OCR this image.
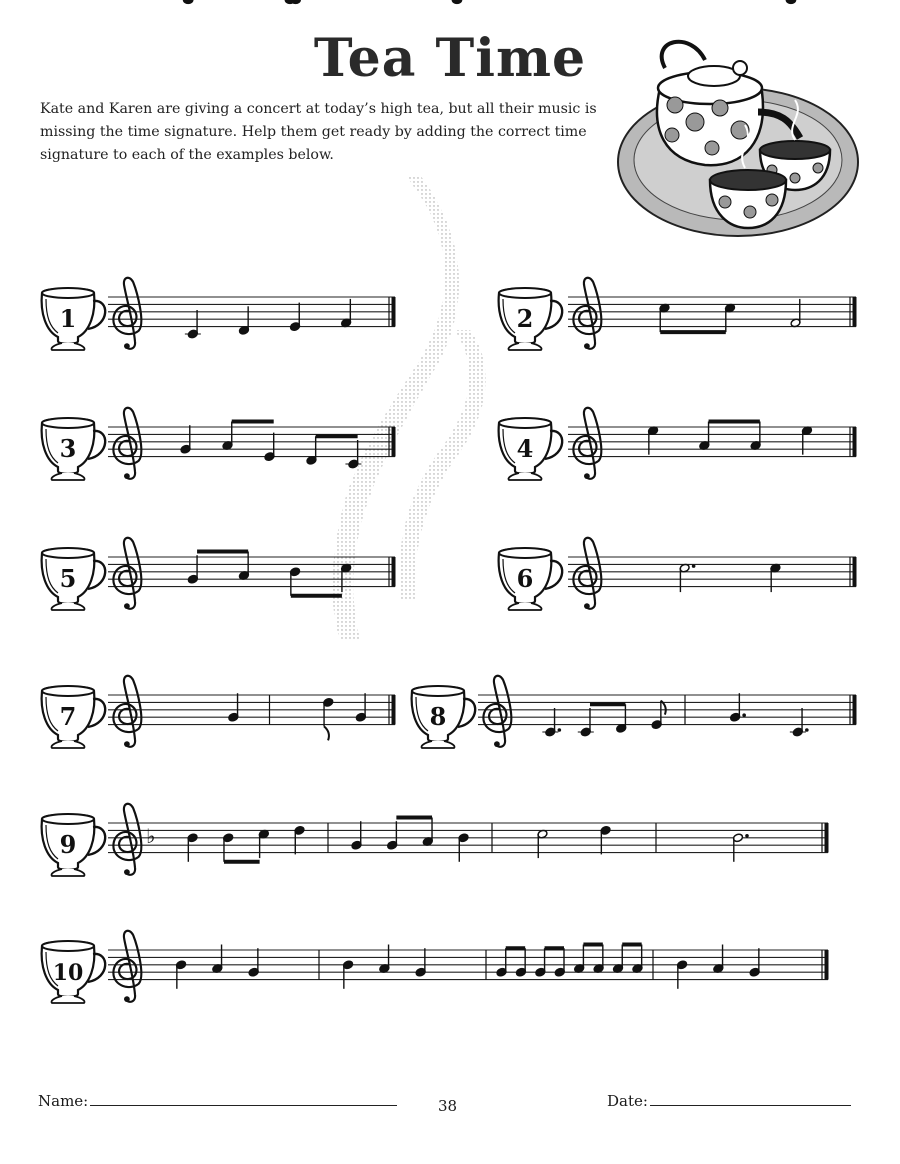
Tea Time
Kate and Karen are giving a concert at today’s high tea, but all their music is missing the time signature. Help them get ready by adding the correct time signature to each of the examples below.
1	2
3	4
5	6
7	8
9	♭
10
Name:	38	Date:
